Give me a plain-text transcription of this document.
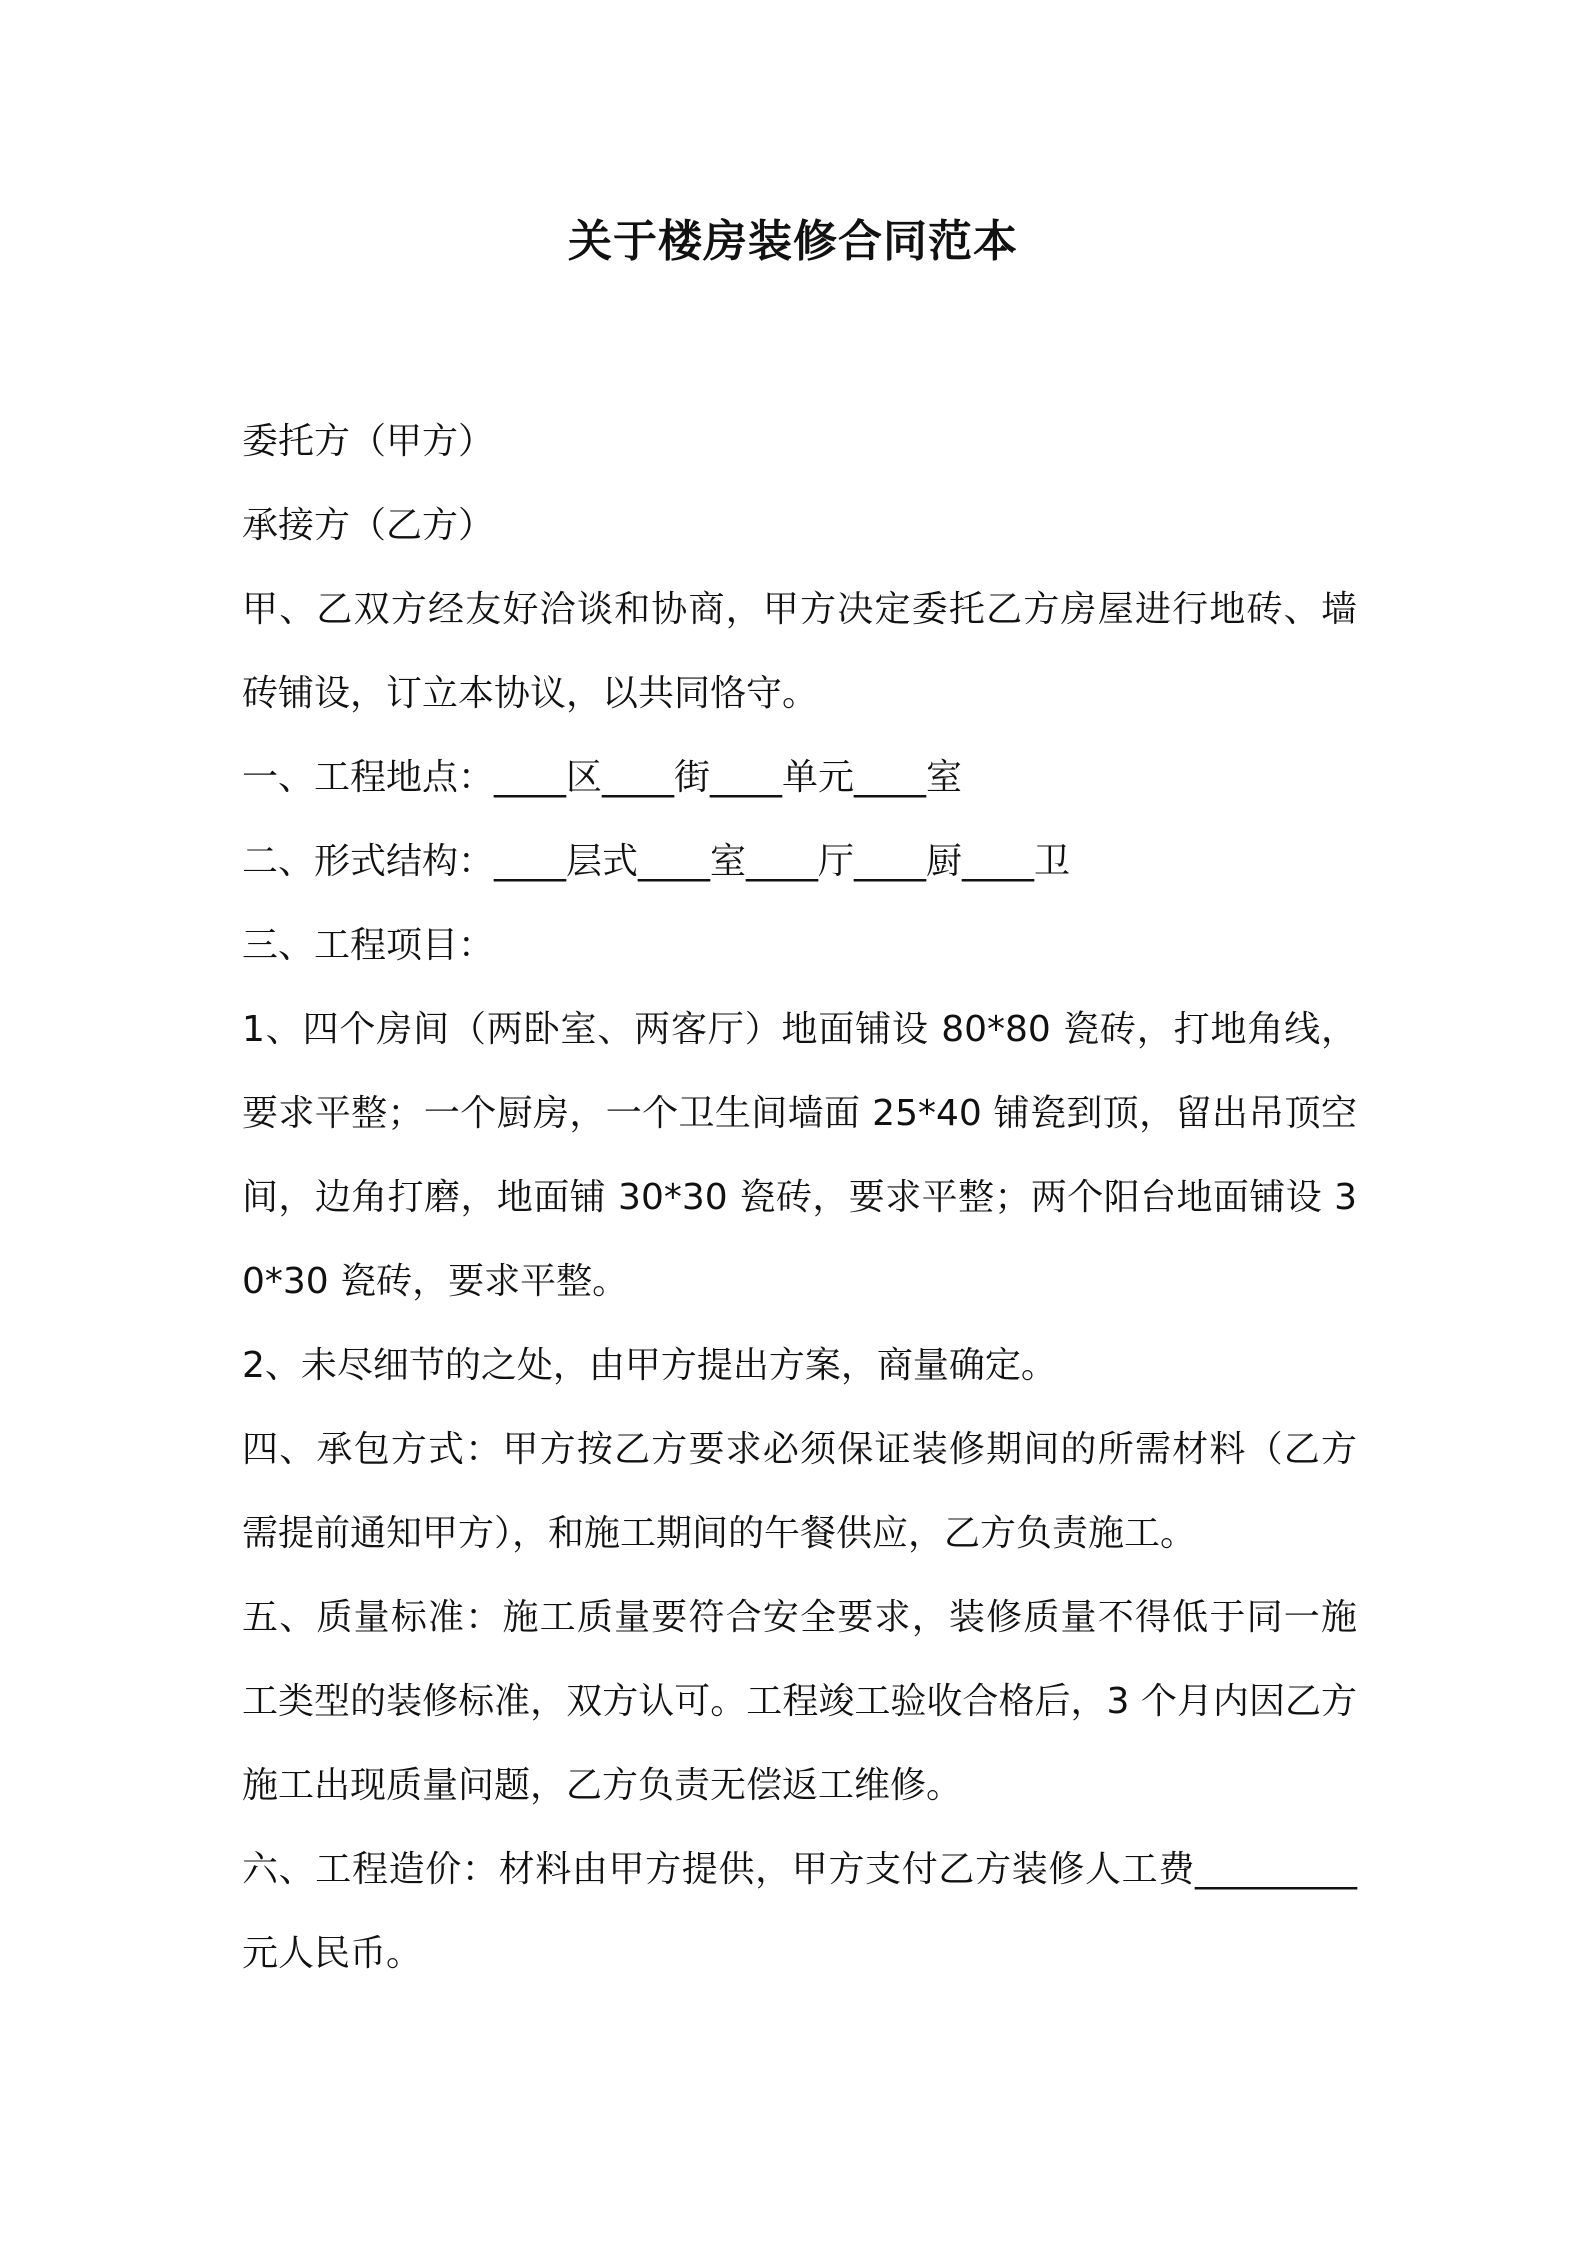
关于楼房装修合同范本

委托方（甲方）

承接方（乙方）

甲、乙双方经友好洽谈和协商，甲方决定委托乙方房屋进行地砖、墙砖铺设，订立本协议，以共同恪守。

一、工程地点：____区____街____单元____室

二、形式结构：____层式____室____厅____厨____卫

三、工程项目：

1、四个房间（两卧室、两客厅）地面铺设 80*80 瓷砖，打地角线，要求平整；一个厨房，一个卫生间墙面 25*40 铺瓷到顶，留出吊顶空间，边角打磨，地面铺 30*30 瓷砖，要求平整；两个阳台地面铺设 30*30 瓷砖，要求平整。

2、未尽细节的之处，由甲方提出方案，商量确定。

四、承包方式：甲方按乙方要求必须保证装修期间的所需材料（乙方需提前通知甲方），和施工期间的午餐供应，乙方负责施工。

五、质量标准：施工质量要符合安全要求，装修质量不得低于同一施工类型的装修标准，双方认可。工程竣工验收合格后，3 个月内因乙方施工出现质量问题，乙方负责无偿返工维修。

六、工程造价：材料由甲方提供，甲方支付乙方装修人工费_________元人民币。
